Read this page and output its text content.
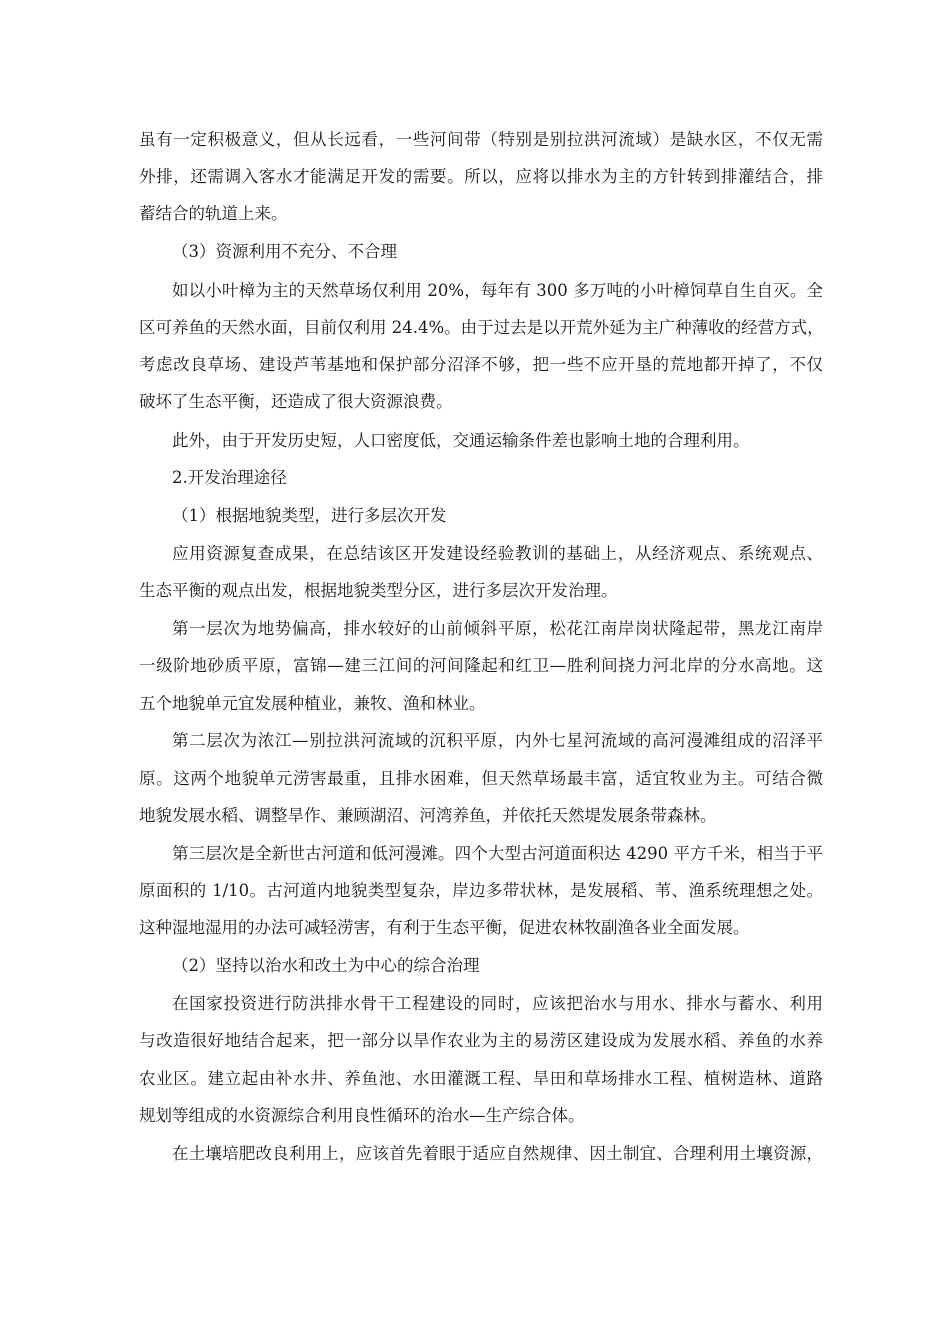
虽有一定积极意义，但从长远看，一些河间带（特别是别拉洪河流域）是缺水区，不仅无需

外排，还需调入客水才能满足开发的需要。所以，应将以排水为主的方针转到排灌结合，排

蓄结合的轨道上来。

（3）资源利用不充分、不合理

如以小叶樟为主的天然草场仅利用 20%，每年有 300 多万吨的小叶樟饲草自生自灭。全

区可养鱼的天然水面，目前仅利用 24.4%。由于过去是以开荒外延为主广种薄收的经营方式，

考虑改良草场、建设芦苇基地和保护部分沼泽不够，把一些不应开垦的荒地都开掉了，不仅

破坏了生态平衡，还造成了很大资源浪费。

此外，由于开发历史短，人口密度低，交通运输条件差也影响土地的合理利用。

2.开发治理途径

（1）根据地貌类型，进行多层次开发

应用资源复查成果，在总结该区开发建设经验教训的基础上，从经济观点、系统观点、

生态平衡的观点出发，根据地貌类型分区，进行多层次开发治理。

第一层次为地势偏高，排水较好的山前倾斜平原，松花江南岸岗状隆起带，黑龙江南岸

一级阶地砂质平原，富锦—建三江间的河间隆起和红卫—胜利间挠力河北岸的分水高地。这

五个地貌单元宜发展种植业，兼牧、渔和林业。

第二层次为浓江—别拉洪河流域的沉积平原，内外七星河流域的高河漫滩组成的沼泽平

原。这两个地貌单元涝害最重，且排水困难，但天然草场最丰富，适宜牧业为主。可结合微

地貌发展水稻、调整旱作、兼顾湖沼、河湾养鱼，并依托天然堤发展条带森林。

第三层次是全新世古河道和低河漫滩。四个大型古河道面积达 4290 平方千米，相当于平

原面积的 1/10。古河道内地貌类型复杂，岸边多带状林，是发展稻、苇、渔系统理想之处。

这种湿地湿用的办法可减轻涝害，有利于生态平衡，促进农林牧副渔各业全面发展。

（2）坚持以治水和改土为中心的综合治理

在国家投资进行防洪排水骨干工程建设的同时，应该把治水与用水、排水与蓄水、利用

与改造很好地结合起来，把一部分以旱作农业为主的易涝区建设成为发展水稻、养鱼的水养

农业区。建立起由补水井、养鱼池、水田灌溉工程、旱田和草场排水工程、植树造林、道路

规划等组成的水资源综合利用良性循环的治水—生产综合体。

在土壤培肥改良利用上，应该首先着眼于适应自然规律、因土制宜、合理利用土壤资源，
